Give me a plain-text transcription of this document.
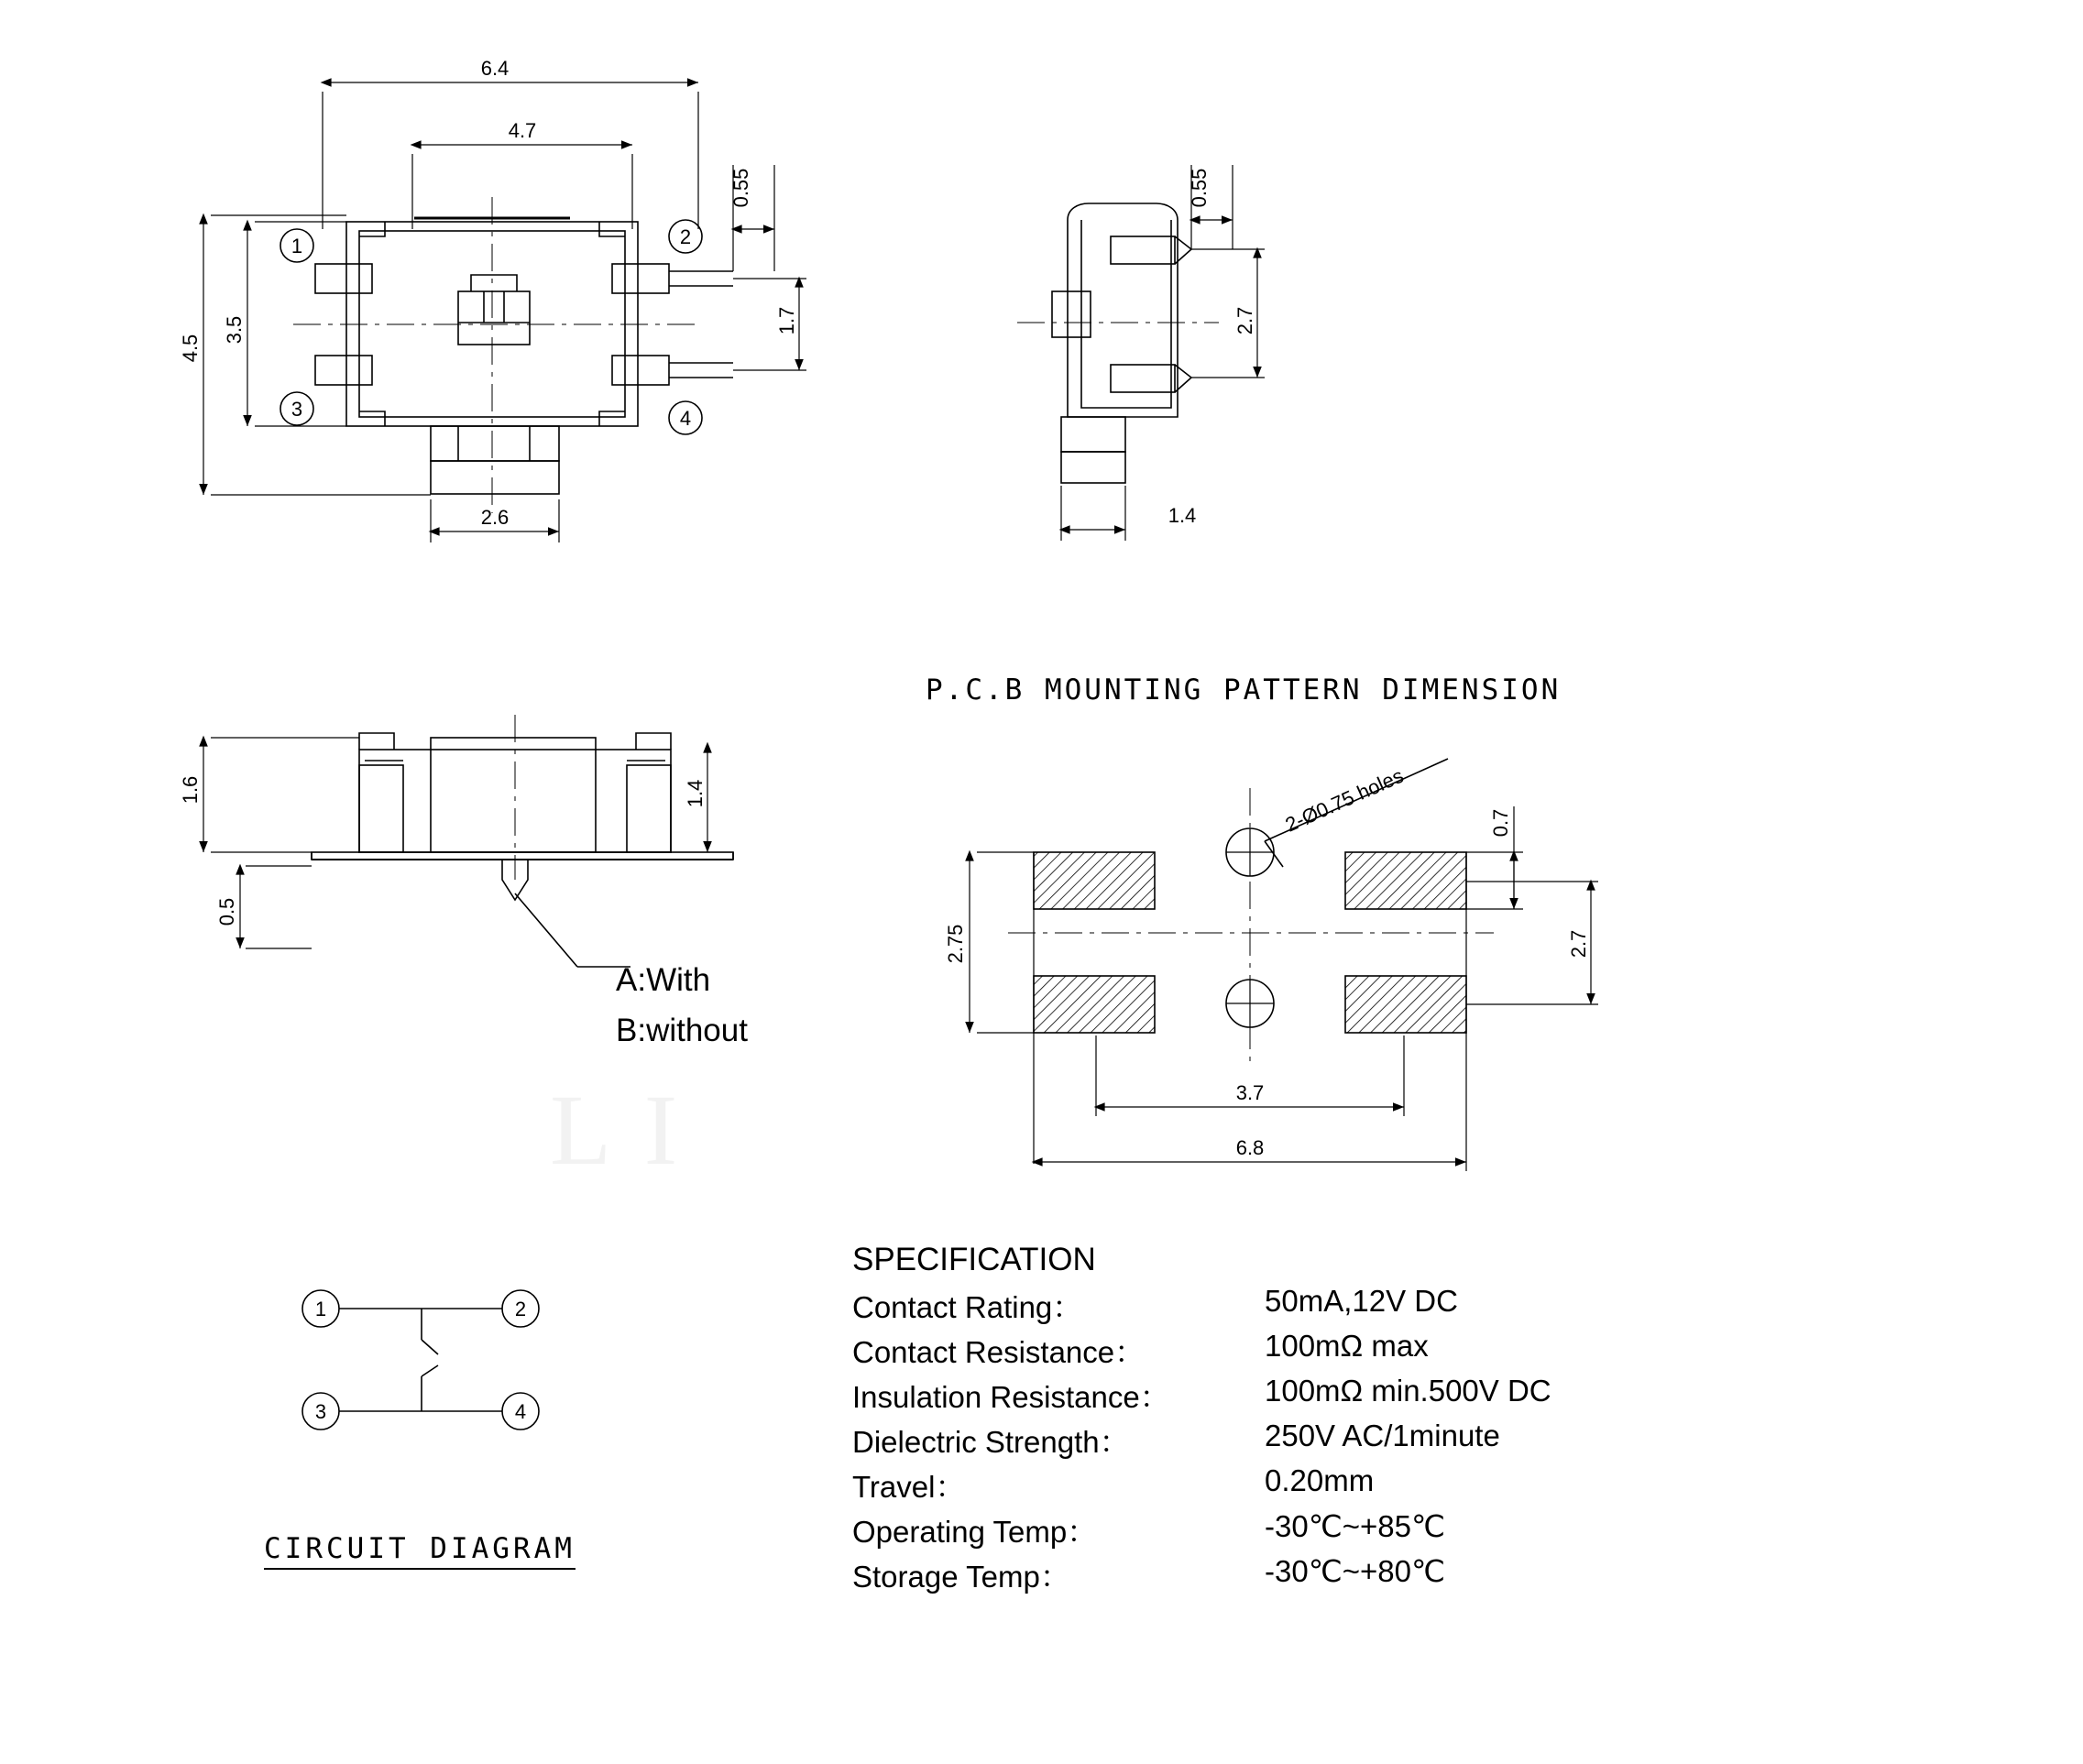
L I
6.4
4.7
3.5
4.5
2.6
0.55
1.7
0.55
2.7
1.4
1.6
0.5
1.4
2.75
0.7
2.7
3.7
6.8
2-Ø0.75 holes
1	2
3	4
1	2
3	4
P.C.B MOUNTING PATTERN DIMENSION
A:With
B:without
CIRCUIT DIAGRAM
SPECIFICATION
Contact Rating：	50mA,12V DC
Contact Resistance：	100mΩ max
Insulation Resistance：	100mΩ min.500V DC
Dielectric Strength：	250V AC/1minute
Travel：	0.20mm
Operating Temp：	-30℃~+85℃
Storage Temp：	-30℃~+80℃
